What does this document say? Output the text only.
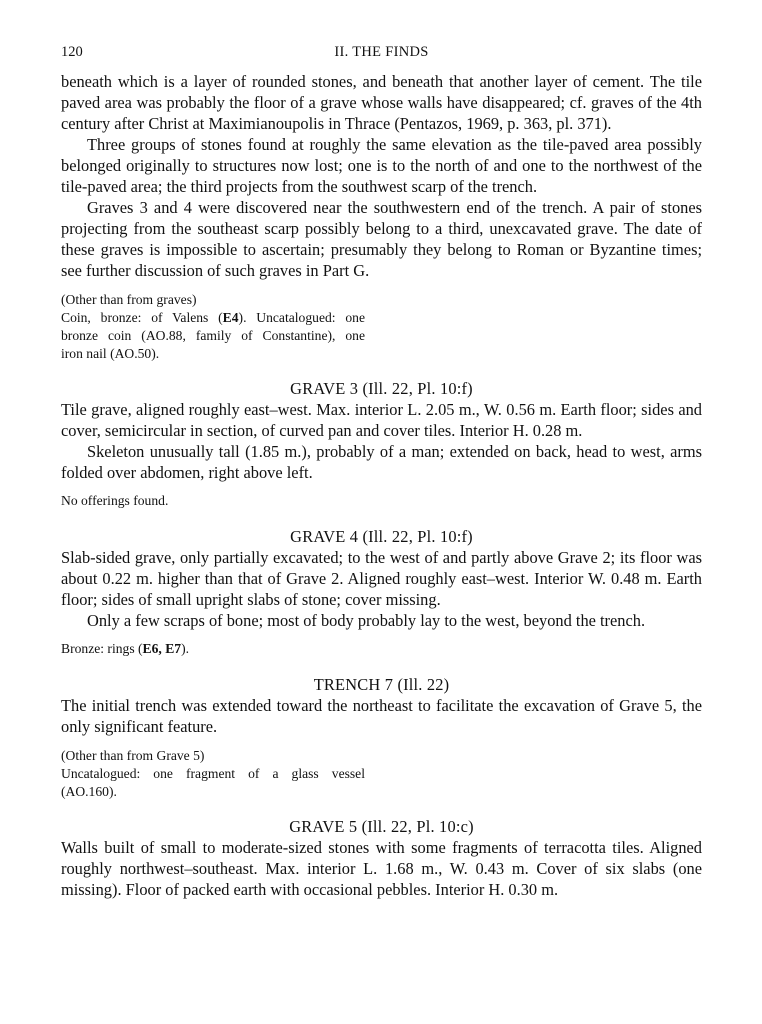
120	II. THE FINDS

beneath which is a layer of rounded stones, and beneath that another layer of cement. The tile paved area was probably the floor of a grave whose walls have disappeared; cf. graves of the 4th century after Christ at Maximianoupolis in Thrace (Pentazos, 1969, p. 363, pl. 371).

Three groups of stones found at roughly the same elevation as the tile-paved area possibly belonged originally to structures now lost; one is to the north of and one to the northwest of the tile-paved area; the third projects from the southwest scarp of the trench.

Graves 3 and 4 were discovered near the southwestern end of the trench. A pair of stones projecting from the southeast scarp possibly belong to a third, unexcavated grave. The date of these graves is impossible to ascertain; presumably they belong to Roman or Byzantine times; see further discussion of such graves in Part G.

(Other than from graves)
Coin, bronze: of Valens (E4). Uncatalogued: one
bronze coin (AO.88, family of Constantine), one
iron nail (AO.50).
GRAVE 3 (Ill. 22, Pl. 10:f)

Tile grave, aligned roughly east–west. Max. interior L. 2.05 m., W. 0.56 m. Earth floor; sides and cover, semicircular in section, of curved pan and cover tiles. Interior H. 0.28 m.

Skeleton unusually tall (1.85 m.), probably of a man; extended on back, head to west, arms folded over abdomen, right above left.

No offerings found.

GRAVE 4 (Ill. 22, Pl. 10:f)

Slab-sided grave, only partially excavated; to the west of and partly above Grave 2; its floor was about 0.22 m. higher than that of Grave 2. Aligned roughly east–west. Interior W. 0.48 m. Earth floor; sides of small upright slabs of stone; cover missing.

Only a few scraps of bone; most of body probably lay to the west, beyond the trench.

Bronze: rings (E6, E7).

TRENCH 7 (Ill. 22)

The initial trench was extended toward the northeast to facilitate the excavation of Grave 5, the only significant feature.

(Other than from Grave 5)
Uncatalogued: one fragment of a glass vessel
(AO.160).
GRAVE 5 (Ill. 22, Pl. 10:c)

Walls built of small to moderate-sized stones with some fragments of terracotta tiles. Aligned roughly northwest–southeast. Max. interior L. 1.68 m., W. 0.43 m. Cover of six slabs (one missing). Floor of packed earth with occasional pebbles. Interior H. 0.30 m.
